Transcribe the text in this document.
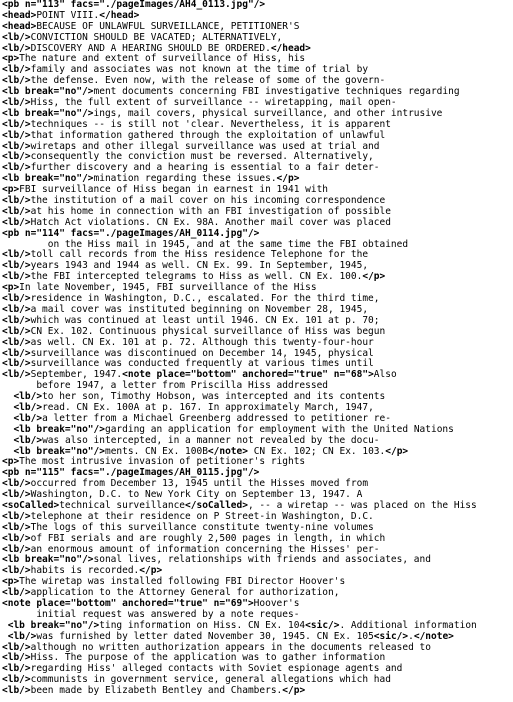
<pb n="113" facs="./pageImages/AH4_0113.jpg"/>
<head>POINT VIII.</head>
<head>BECAUSE OF UNLAWFUL SURVEILLANCE, PETITIONER'S
<lb/>CONVICTION SHOULD BE VACATED; ALTERNATIVELY,
<lb/>DISCOVERY AND A HEARING SHOULD BE ORDERED.</head>
<p>The nature and extent of surveillance of Hiss, his
<lb/>family and associates was not known at the time of trial by
<lb/>the defense. Even now, with the release of some of the govern-
<lb break="no"/>ment documents concerning FBI investigative techniques regarding
<lb/>Hiss, the full extent of surveillance -- wiretapping, mail open-
<lb break="no"/>ings, mail covers, physical surveillance, and other intrusive
<lb/>techniques -- is still not 'clear. Nevertheless, it is apparent
<lb/>that information gathered through the exploitation of unlawful
<lb/>wiretaps and other illegal surveillance was used at trial and
<lb/>consequently the conviction must be reversed. Alternatively,
<lb/>further discovery and a hearing is essential to a fair deter-
<lb break="no"/>mination regarding these issues.</p>
<p>FBI surveillance of Hiss began in earnest in 1941 with
<lb/>the institution of a mail cover on his incoming correspondence
<lb/>at his home in connection with an FBI investigation of possible
<lb/>Hatch Act violations. CN Ex. 98A. Another mail cover was placed
<pb n="114" facs="./pageImages/AH_0114.jpg"/>
on the Hiss mail in 1945, and at the same time the FBI obtained
<lb/>toll call records from the Hiss residence Telephone for the
<lb/>years 1943 and 1944 as well. CN Ex. 99. In September, 1945,
<lb/>the FBI intercepted telegrams to Hiss as well. CN Ex. 100.</p>
<p>In late November, 1945, FBI surveillance of the Hiss
<lb/>residence in Washington, D.C., escalated. For the third time,
<lb/>a mail cover was instituted beginning on November 28, 1945,
<lb/>which was continued at least until 1946. CN Ex. 101 at p. 70;
<lb/>CN Ex. 102. Continuous physical surveillance of Hiss was begun
<lb/>as well. CN Ex. 101 at p. 72. Although this twenty-four-hour
<lb/>surveillance was discontinued on December 14, 1945, physical
<lb/>surveillance was conducted frequently at various times until
<lb/>September, 1947.<note place="bottom" anchored="true" n="68">Also
before 1947, a letter from Priscilla Hiss addressed
<lb/>to her son, Timothy Hobson, was intercepted and its contents
<lb/>read. CN Ex. 100A at p. 167. In approximately March, 1947,
<lb/>a letter from a Michael Greenberg addressed to petitioner re-
<lb break="no"/>garding an application for employment with the United Nations
<lb/>was also intercepted, in a manner not revealed by the docu-
<lb break="no"/>ments. CN Ex. 100B</note> CN Ex. 102; CN Ex. 103.</p>
<p>The most intrusive invasion of petitioner's rights
<pb n="115" facs="./pageImages/AH_0115.jpg"/>
<lb/>occurred from December 13, 1945 until the Hisses moved from
<lb/>Washington, D.C. to New York City on September 13, 1947. A
<soCalled>technical surveillance</soCalled>, -- a wiretap -- was placed on the Hiss
<lb/>telephone at their residence on P Street-in Washington, D.C.
<lb/>The logs of this surveillance constitute twenty-nine volumes
<lb/>of FBI serials and are roughly 2,500 pages in length, in which
<lb/>an enormous amount of information concerning the Hisses' per-
<lb break="no"/>sonal lives, relationships with friends and associates, and
<lb/>habits is recorded.</p>
<p>The wiretap was installed following FBI Director Hoover's
<lb/>application to the Attorney General for authorization,
<note place="bottom" anchored="true" n="69">Hoover's
initial request was answered by a note reques-
<lb break="no"/>ting information on Hiss. CN Ex. 104<sic/>. Additional information
<lb/>was furnished by letter dated November 30, 1945. CN Ex. 105<sic/>.</note>
<lb/>although no written authorization appears in the documents released to
<lb/>Hiss. The purpose of the application was to gather information
<lb/>regarding Hiss' alleged contacts with Soviet espionage agents and
<lb/>communists in government service, general allegations which had
<lb/>been made by Elizabeth Bentley and Chambers.</p>
